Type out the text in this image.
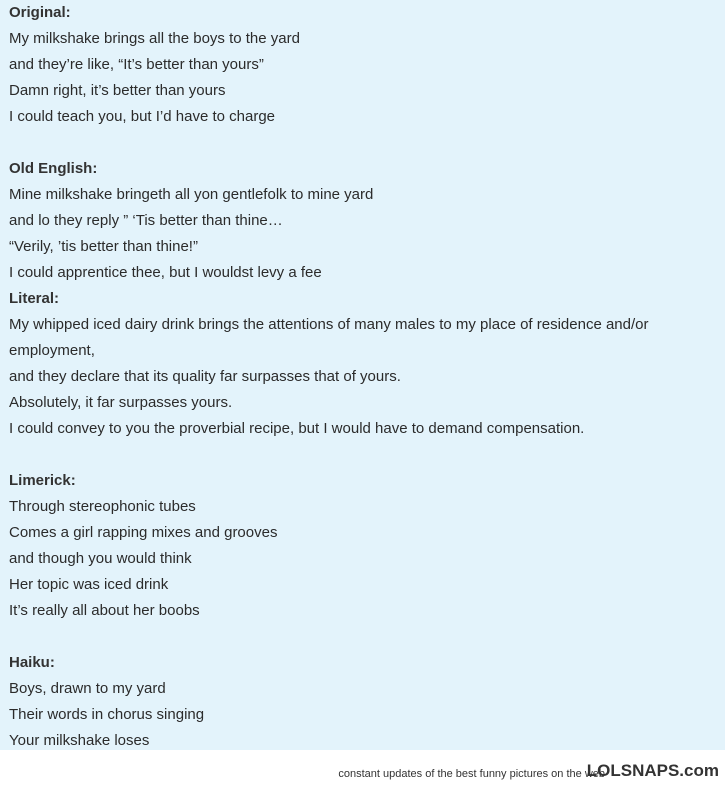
Original:
My milkshake brings all the boys to the yard
and they’re like, “It’s better than yours”
Damn right, it’s better than yours
I could teach you, but I’d have to charge
Old English:
Mine milkshake bringeth all yon gentlefolk to mine yard
and lo they reply ” ‘Tis better than thine…
“Verily, ’tis better than thine!”
I could apprentice thee, but I wouldst levy a fee
Literal:
My whipped iced dairy drink brings the attentions of many males to my place of residence and/or
employment,
and they declare that its quality far surpasses that of yours.
Absolutely, it far surpasses yours.
I could convey to you the proverbial recipe, but I would have to demand compensation.
Limerick:
Through stereophonic tubes
Comes a girl rapping mixes and grooves
and though you would think
Her topic was iced drink
It’s really all about her boobs
Haiku:
Boys, drawn to my yard
Their words in chorus singing
Your milkshake loses
constant updates of the best funny pictures on the web
LOLSNAPS.com
